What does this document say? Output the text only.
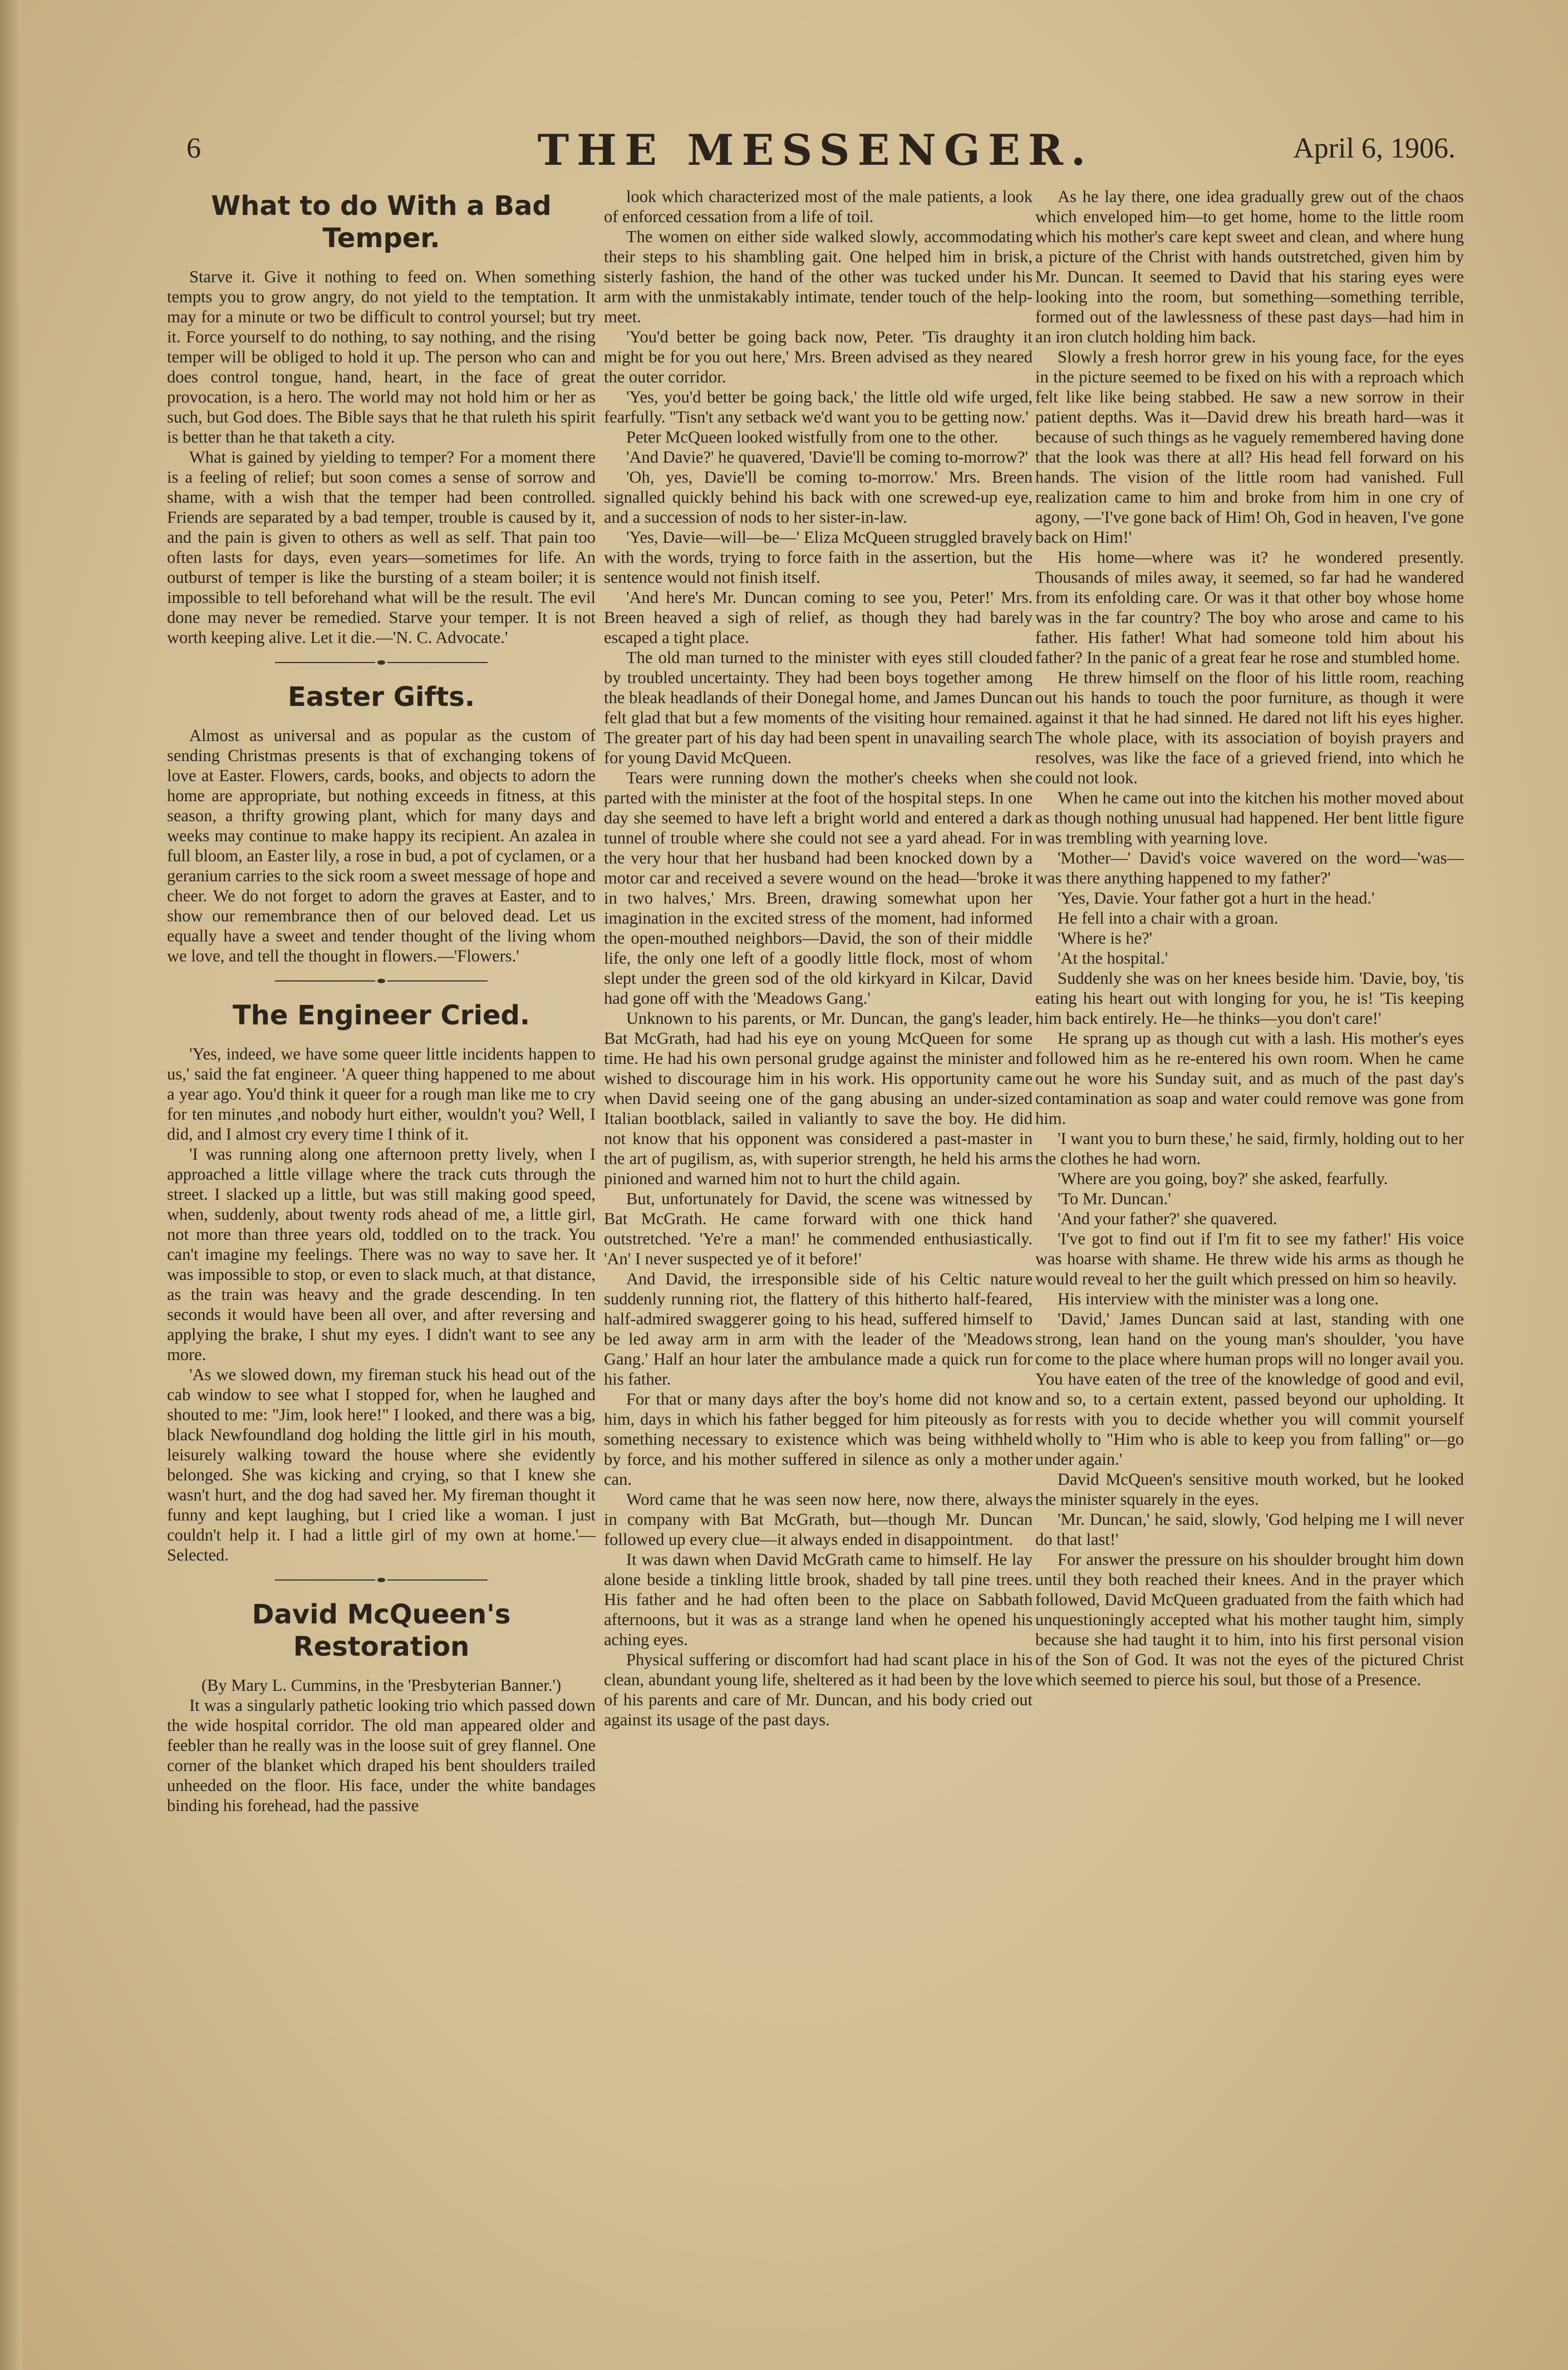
6	THE MESSENGER.	April 6, 1906.
What to do With a Bad Temper.

Starve it. Give it nothing to feed on. When something tempts you to grow angry, do not yield to the temptation. It may for a minute or two be difficult to control yoursel; but try it. Force yourself to do nothing, to say nothing, and the rising temper will be obliged to hold it up. The person who can and does control tongue, hand, heart, in the face of great provocation, is a hero. The world may not hold him or her as such, but God does. The Bible says that he that ruleth his spirit is better than he that taketh a city.

What is gained by yielding to temper? For a moment there is a feeling of relief; but soon comes a sense of sorrow and shame, with a wish that the temper had been controlled. Friends are separated by a bad temper, trouble is caused by it, and the pain is given to others as well as self. That pain too often lasts for days, even years—sometimes for life. An outburst of temper is like the bursting of a steam boiler; it is impossible to tell beforehand what will be the result. The evil done may never be remedied. Starve your temper. It is not worth keeping alive. Let it die.—'N. C. Advocate.'

Easter Gifts.

Almost as universal and as popular as the custom of sending Christmas presents is that of exchanging tokens of love at Easter. Flowers, cards, books, and objects to adorn the home are appropriate, but nothing exceeds in fitness, at this season, a thrifty growing plant, which for many days and weeks may continue to make happy its recipient. An azalea in full bloom, an Easter lily, a rose in bud, a pot of cyclamen, or a geranium carries to the sick room a sweet message of hope and cheer. We do not forget to adorn the graves at Easter, and to show our remembrance then of our beloved dead. Let us equally have a sweet and tender thought of the living whom we love, and tell the thought in flowers.—'Flowers.'

The Engineer Cried.

'Yes, indeed, we have some queer little incidents happen to us,' said the fat engineer. 'A queer thing happened to me about a year ago. You'd think it queer for a rough man like me to cry for ten minutes ,and nobody hurt either, wouldn't you? Well, I did, and I almost cry every time I think of it.

'I was running along one afternoon pretty lively, when I approached a little village where the track cuts through the street. I slacked up a little, but was still making good speed, when, suddenly, about twenty rods ahead of me, a little girl, not more than three years old, toddled on to the track. You can't imagine my feelings. There was no way to save her. It was impossible to stop, or even to slack much, at that distance, as the train was heavy and the grade descending. In ten seconds it would have been all over, and after reversing and applying the brake, I shut my eyes. I didn't want to see any more.

'As we slowed down, my fireman stuck his head out of the cab window to see what I stopped for, when he laughed and shouted to me: "Jim, look here!" I looked, and there was a big, black Newfoundland dog holding the little girl in his mouth, leisurely walking toward the house where she evidently belonged. She was kicking and crying, so that I knew she wasn't hurt, and the dog had saved her. My fireman thought it funny and kept laughing, but I cried like a woman. I just couldn't help it. I had a little girl of my own at home.'—Selected.

David McQueen's Restoration

(By Mary L. Cummins, in the 'Presbyterian Banner.')

It was a singularly pathetic looking trio which passed down the wide hospital corridor. The old man appeared older and feebler than he really was in the loose suit of grey flannel. One corner of the blanket which draped his bent shoulders trailed unheeded on the floor. His face, under the white bandages binding his forehead, had the passive

look which characterized most of the male patients, a look of enforced cessation from a life of toil.

The women on either side walked slowly, accommodating their steps to his shambling gait. One helped him in brisk, sisterly fashion, the hand of the other was tucked under his arm with the unmistakably intimate, tender touch of the help-meet.

'You'd better be going back now, Peter. 'Tis draughty it might be for you out here,' Mrs. Breen advised as they neared the outer corridor.

'Yes, you'd better be going back,' the little old wife urged, fearfully. ''Tisn't any setback we'd want you to be getting now.'

Peter McQueen looked wistfully from one to the other.

'And Davie?' he quavered, 'Davie'll be coming to-morrow?'

'Oh, yes, Davie'll be coming to-morrow.' Mrs. Breen signalled quickly behind his back with one screwed-up eye, and a succession of nods to her sister-in-law.

'Yes, Davie—will—be—' Eliza McQueen struggled bravely with the words, trying to force faith in the assertion, but the sentence would not finish itself.

'And here's Mr. Duncan coming to see you, Peter!' Mrs. Breen heaved a sigh of relief, as though they had barely escaped a tight place.

The old man turned to the minister with eyes still clouded by troubled uncertainty. They had been boys together among the bleak headlands of their Donegal home, and James Duncan felt glad that but a few moments of the visiting hour remained. The greater part of his day had been spent in unavailing search for young David McQueen.

Tears were running down the mother's cheeks when she parted with the minister at the foot of the hospital steps. In one day she seemed to have left a bright world and entered a dark tunnel of trouble where she could not see a yard ahead. For in the very hour that her husband had been knocked down by a motor car and received a severe wound on the head—'broke it in two halves,' Mrs. Breen, drawing somewhat upon her imagination in the excited stress of the moment, had informed the open-mouthed neighbors—David, the son of their middle life, the only one left of a goodly little flock, most of whom slept under the green sod of the old kirkyard in Kilcar, David had gone off with the 'Meadows Gang.'

Unknown to his parents, or Mr. Duncan, the gang's leader, Bat McGrath, had had his eye on young McQueen for some time. He had his own personal grudge against the minister and wished to discourage him in his work. His opportunity came when David seeing one of the gang abusing an under-sized Italian bootblack, sailed in valiantly to save the boy. He did not know that his opponent was considered a past-master in the art of pugilism, as, with superior strength, he held his arms pinioned and warned him not to hurt the child again.

But, unfortunately for David, the scene was witnessed by Bat McGrath. He came forward with one thick hand outstretched. 'Ye're a man!' he commended enthusiastically. 'An' I never suspected ye of it before!'

And David, the irresponsible side of his Celtic nature suddenly running riot, the flattery of this hitherto half-feared, half-admired swaggerer going to his head, suffered himself to be led away arm in arm with the leader of the 'Meadows Gang.' Half an hour later the ambulance made a quick run for his father.

For that or many days after the boy's home did not know him, days in which his father begged for him piteously as for something necessary to existence which was being withheld by force, and his mother suffered in silence as only a mother can.

Word came that he was seen now here, now there, always in company with Bat McGrath, but—though Mr. Duncan followed up every clue—it always ended in disappointment.

It was dawn when David McGrath came to himself. He lay alone beside a tinkling little brook, shaded by tall pine trees. His father and he had often been to the place on Sabbath afternoons, but it was as a strange land when he opened his aching eyes.

Physical suffering or discomfort had had scant place in his clean, abundant young life, sheltered as it had been by the love of his parents and care of Mr. Duncan, and his body cried out against its usage of the past days.

As he lay there, one idea gradually grew out of the chaos which enveloped him—to get home, home to the little room which his mother's care kept sweet and clean, and where hung a picture of the Christ with hands outstretched, given him by Mr. Duncan. It seemed to David that his staring eyes were looking into the room, but something—something terrible, formed out of the lawlessness of these past days—had him in an iron clutch holding him back.

Slowly a fresh horror grew in his young face, for the eyes in the picture seemed to be fixed on his with a reproach which felt like like being stabbed. He saw a new sorrow in their patient depths. Was it—David drew his breath hard—was it because of such things as he vaguely remembered having done that the look was there at all? His head fell forward on his hands. The vision of the little room had vanished. Full realization came to him and broke from him in one cry of agony, —'I've gone back of Him! Oh, God in heaven, I've gone back on Him!'

His home—where was it? he wondered presently. Thousands of miles away, it seemed, so far had he wandered from its enfolding care. Or was it that other boy whose home was in the far country? The boy who arose and came to his father. His father! What had someone told him about his father? In the panic of a great fear he rose and stumbled home.

He threw himself on the floor of his little room, reaching out his hands to touch the poor furniture, as though it were against it that he had sinned. He dared not lift his eyes higher. The whole place, with its association of boyish prayers and resolves, was like the face of a grieved friend, into which he could not look.

When he came out into the kitchen his mother moved about as though nothing unusual had happened. Her bent little figure was trembling with yearning love.

'Mother—' David's voice wavered on the word—'was—was there anything happened to my father?'

'Yes, Davie. Your father got a hurt in the head.'

He fell into a chair with a groan.

'Where is he?'

'At the hospital.'

Suddenly she was on her knees beside him. 'Davie, boy, 'tis eating his heart out with longing for you, he is! 'Tis keeping him back entirely. He—he thinks—you don't care!'

He sprang up as though cut with a lash. His mother's eyes followed him as he re-entered his own room. When he came out he wore his Sunday suit, and as much of the past day's contamination as soap and water could remove was gone from him.

'I want you to burn these,' he said, firmly, holding out to her the clothes he had worn.

'Where are you going, boy?' she asked, fearfully.

'To Mr. Duncan.'

'And your father?' she quavered.

'I've got to find out if I'm fit to see my father!' His voice was hoarse with shame. He threw wide his arms as though he would reveal to her the guilt which pressed on him so heavily.

His interview with the minister was a long one.

'David,' James Duncan said at last, standing with one strong, lean hand on the young man's shoulder, 'you have come to the place where human props will no longer avail you. You have eaten of the tree of the knowledge of good and evil, and so, to a certain extent, passed beyond our upholding. It rests with you to decide whether you will commit yourself wholly to "Him who is able to keep you from falling" or—go under again.'

David McQueen's sensitive mouth worked, but he looked the minister squarely in the eyes.

'Mr. Duncan,' he said, slowly, 'God helping me I will never do that last!'

For answer the pressure on his shoulder brought him down until they both reached their knees. And in the prayer which followed, David McQueen graduated from the faith which had unquestioningly accepted what his mother taught him, simply because she had taught it to him, into his first personal vision of the Son of God. It was not the eyes of the pictured Christ which seemed to pierce his soul, but those of a Presence.
